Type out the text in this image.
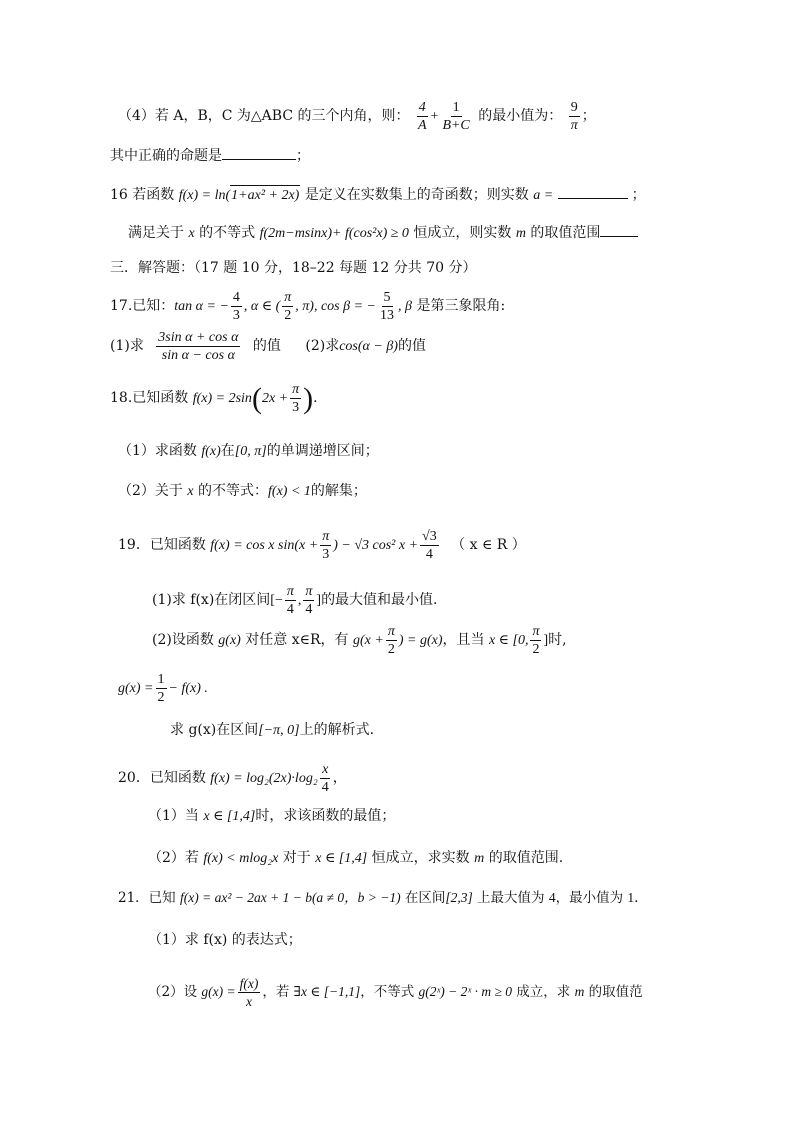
（4）若 A，B，C 为△ABC 的三个内角，则： $\frac{4}{A} + \frac{1}{B+C}$ 的最小值为： $\frac{9}{\pi}$ ；
其中正确的命题是	；
16 若函数 f(x) = ln(1+ax² + 2x) 是定义在实数集上的奇函数；则实数 a =	；
满足关于 x 的不等式 f(2m−msinx)+ f(cos²x) ≥ 0 恒成立，则实数 m 的取值范围
三．解答题：（17 题 10 分，18–22 每题 12 分共 70 分）
17.已知：tan α = − $\frac{4}{3}$ , α ∈ ( $\frac{\pi}{2}$ , π), cos β = − $\frac{5}{13}$ , β 是第三象限角:
(1)求 $\frac{\text{3sin α + cos α}}{\text{sin α − cos α}}$ 的值 (2)求cos(α − β)的值
18.已知函数 $f(x) = 2\sin(2x + \frac{\pi}{3}$ ).
（1）求函数 f(x)在[0, π]的单调递增区间；
（2）关于 x 的不等式：f(x) < 1的解集；
19．已知函数 f(x) = cos x $\sin(x + \frac{\pi}{3}$ ) − √3 cos² $x + \frac{√3}{4}$ （ x ∈ R ）
(1)求 f(x)在闭区间[− $\frac{\pi}{4}$ , $\frac{\pi}{4}$ ]的最大值和最小值.
(2)设函数 g(x) 对任意 x∈R，有 $g(x + \frac{\pi}{2}$ ) = g(x)，且当 x ∈ [0, $\frac{\pi}{2}$ ]时,
$g(x) = \frac{1}{2} - f(x)$ .
求 g(x)在区间[−π, 0]上的解析式.
20．已知函数 $f(x) = \log_2(2x)\cdot\log_2 \frac{x}{4}$ ，
（1）当 x ∈ [1,4]时，求该函数的最值；
（2）若 f(x) < mlog₂x 对于 x ∈ [1,4] 恒成立，求实数 m 的取值范围.
21．已知 f(x) = ax² − 2ax + 1 − b(a ≠ 0，b > −1) 在区间[2,3] 上最大值为 4，最小值为 1.
（1）求 f(x) 的表达式；
（2）设 $g(x) = \frac{f(x)}{x}$ ，若 ∃x ∈ [−1,1]，不等式 g(2ˣ) − 2ˣ · m ≥ 0 成立，求 m 的取值范
